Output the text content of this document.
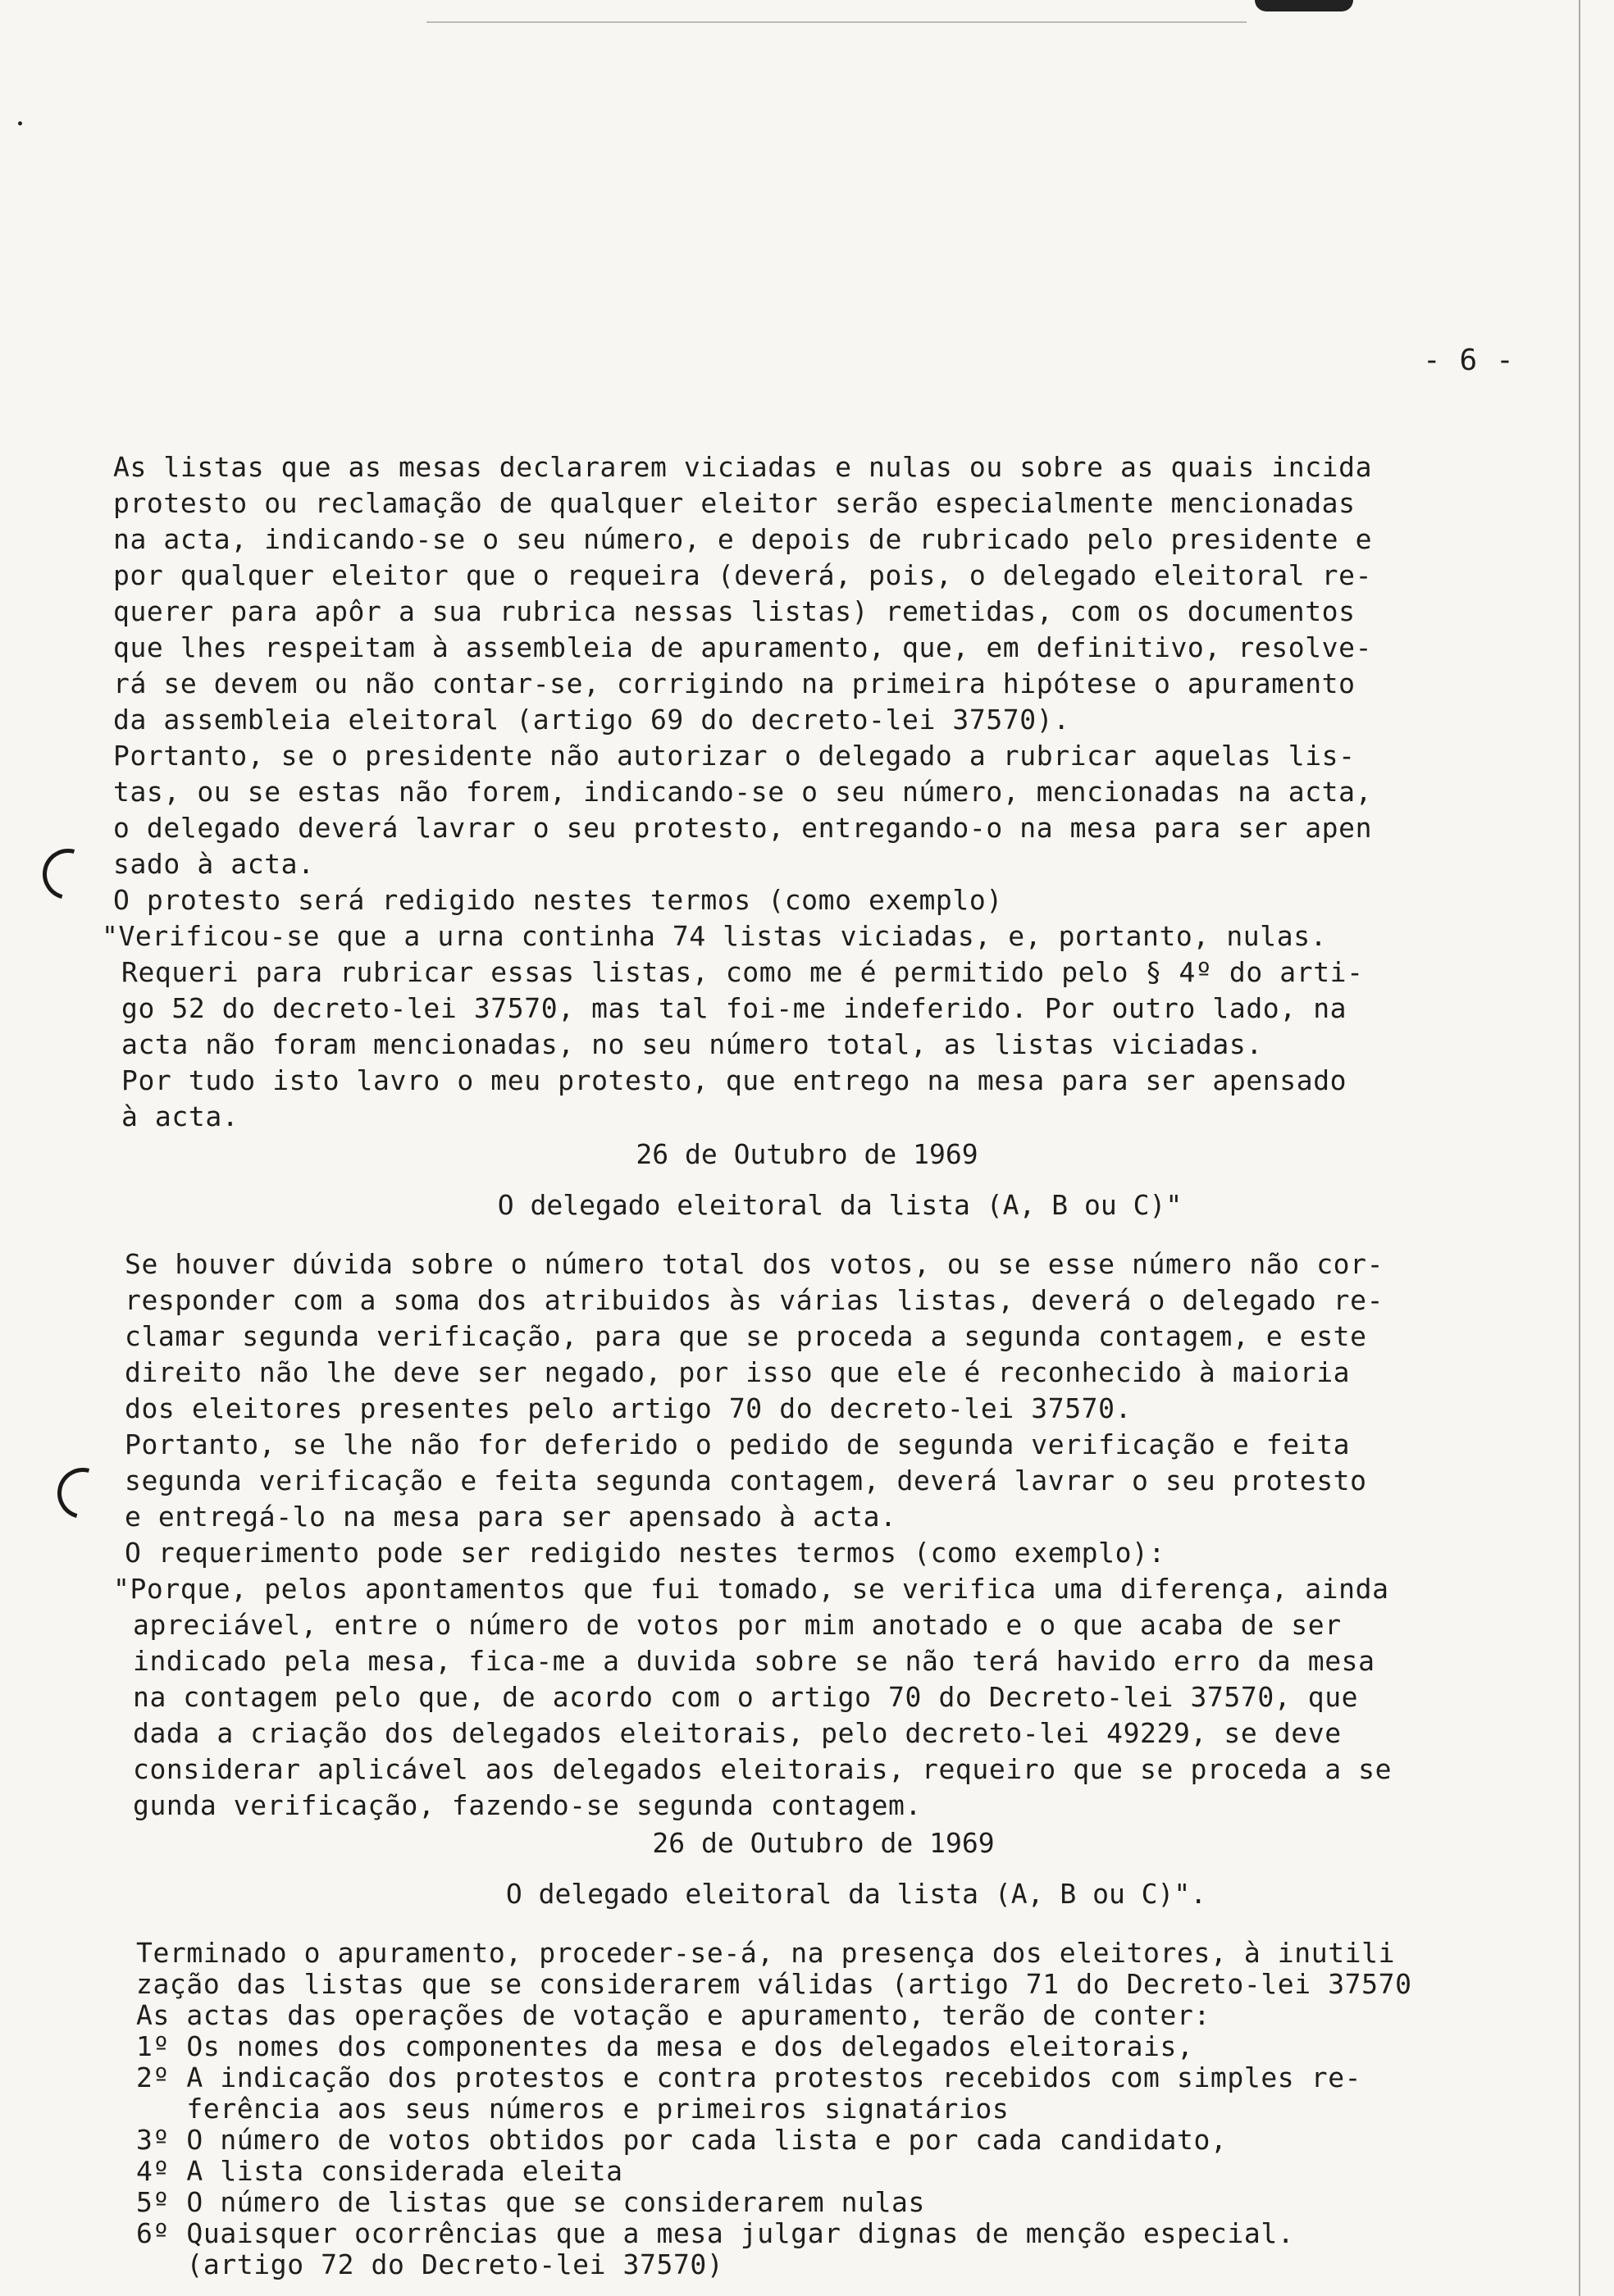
- 6 -
As listas que as mesas declararem viciadas e nulas ou sobre as quais incida
protesto ou reclamação de qualquer eleitor serão especialmente mencionadas
na acta, indicando-se o seu número, e depois de rubricado pelo presidente e
por qualquer eleitor que o requeira (deverá, pois, o delegado eleitoral re-
querer para apôr a sua rubrica nessas listas) remetidas, com os documentos
que lhes respeitam à assembleia de apuramento, que, em definitivo, resolve-
rá se devem ou não contar-se, corrigindo na primeira hipótese o apuramento
da assembleia eleitoral (artigo 69 do decreto-lei 37570).
Portanto, se o presidente não autorizar o delegado a rubricar aquelas lis-
tas, ou se estas não forem, indicando-se o seu número, mencionadas na acta,
o delegado deverá lavrar o seu protesto, entregando-o na mesa para ser apen
sado à acta.
O protesto será redigido nestes termos (como exemplo)
"Verificou-se que a urna continha 74 listas viciadas, e, portanto, nulas.
Requeri para rubricar essas listas, como me é permitido pelo § 4º do arti-
go 52 do decreto-lei 37570, mas tal foi-me indeferido. Por outro lado, na
acta não foram mencionadas, no seu número total, as listas viciadas.
Por tudo isto lavro o meu protesto, que entrego na mesa para ser apensado
à acta.
26 de Outubro de 1969
O delegado eleitoral da lista (A, B ou C)"
Se houver dúvida sobre o número total dos votos, ou se esse número não cor-
responder com a soma dos atribuidos às várias listas, deverá o delegado re-
clamar segunda verificação, para que se proceda a segunda contagem, e este
direito não lhe deve ser negado, por isso que ele é reconhecido à maioria
dos eleitores presentes pelo artigo 70 do decreto-lei 37570.
Portanto, se lhe não for deferido o pedido de segunda verificação e feita
segunda verificação e feita segunda contagem, deverá lavrar o seu protesto
e entregá-lo na mesa para ser apensado à acta.
O requerimento pode ser redigido nestes termos (como exemplo):
"Porque, pelos apontamentos que fui tomado, se verifica uma diferença, ainda
apreciável, entre o número de votos por mim anotado e o que acaba de ser
indicado pela mesa, fica-me a duvida sobre se não terá havido erro da mesa
na contagem pelo que, de acordo com o artigo 70 do Decreto-lei 37570, que
dada a criação dos delegados eleitorais, pelo decreto-lei 49229, se deve
considerar aplicável aos delegados eleitorais, requeiro que se proceda a se
gunda verificação, fazendo-se segunda contagem.
26 de Outubro de 1969
O delegado eleitoral da lista (A, B ou C)".
Terminado o apuramento, proceder-se-á, na presença dos eleitores, à inutili
zação das listas que se considerarem válidas (artigo 71 do Decreto-lei 37570
As actas das operações de votação e apuramento, terão de conter:
1º Os nomes dos componentes da mesa e dos delegados eleitorais,
2º A indicação dos protestos e contra protestos recebidos com simples re-
ferência aos seus números e primeiros signatários
3º O número de votos obtidos por cada lista e por cada candidato,
4º A lista considerada eleita
5º O número de listas que se considerarem nulas
6º Quaisquer ocorrências que a mesa julgar dignas de menção especial.
(artigo 72 do Decreto-lei 37570)
